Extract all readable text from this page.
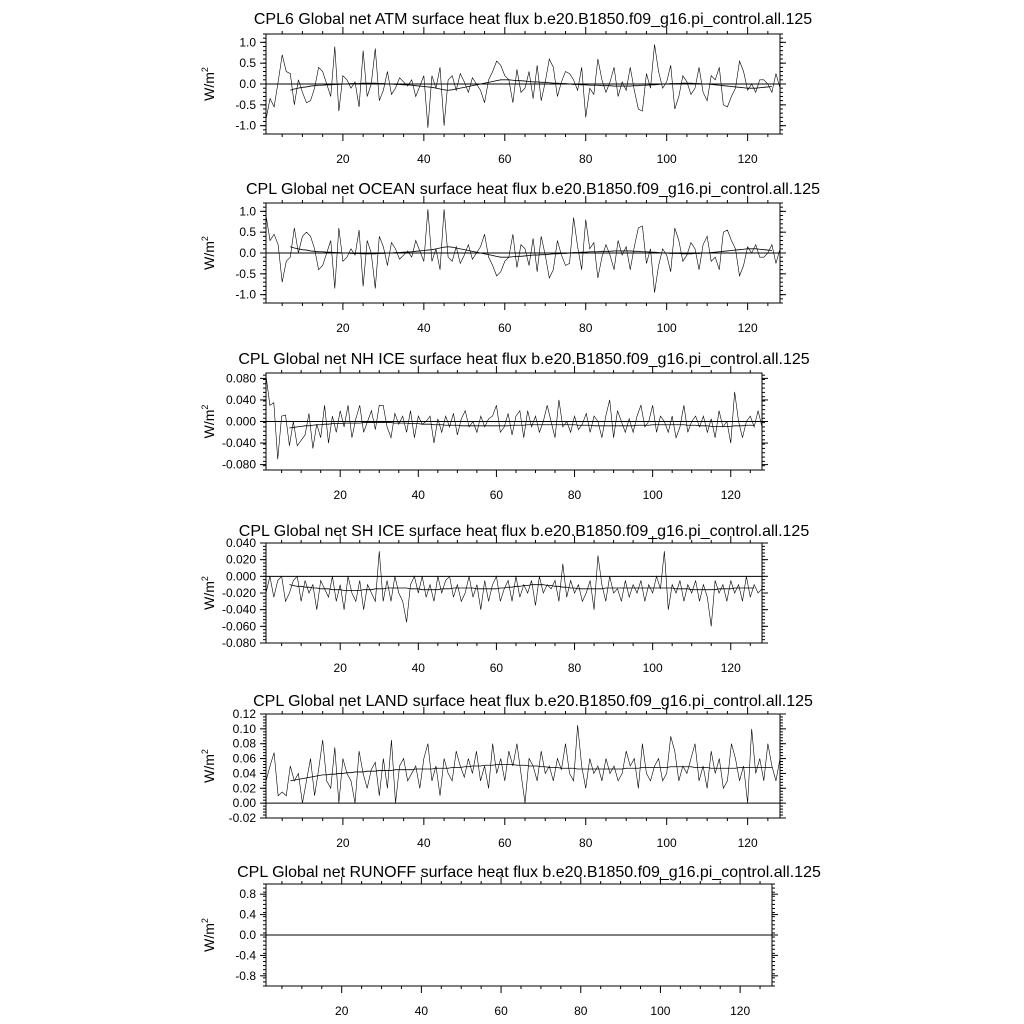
CPL6 Global net ATM surface heat flux b.e20.B1850.f09_g16.pi_control.all.125
$W/m^2$
-1.0
-0.5
0.0
0.5
1.0
20	40	60	80	100	120
CPL Global net OCEAN surface heat flux b.e20.B1850.f09_g16.pi_control.all.125
$W/m^2$
-1.0
-0.5
0.0
0.5
1.0
20	40	60	80	100	120
CPL Global net NH ICE surface heat flux b.e20.B1850.f09_g16.pi_control.all.125
$W/m^2$
-0.080
-0.040
0.000
0.040
0.080
20	40	60	80	100	120
CPL Global net SH ICE surface heat flux b.e20.B1850.f09_g16.pi_control.all.125
$W/m^2$
-0.080
-0.060
-0.040
-0.020
0.000
0.020
0.040
20	40	60	80	100	120
CPL Global net LAND surface heat flux b.e20.B1850.f09_g16.pi_control.all.125
$W/m^2$
-0.02
0.00
0.02
0.04
0.06
0.08
0.10
0.12
20	40	60	80	100	120
CPL Global net RUNOFF surface heat flux b.e20.B1850.f09_g16.pi_control.all.125
$W/m^2$
-0.8
-0.4
0.0
0.4
0.8
20	40	60	80	100	120
